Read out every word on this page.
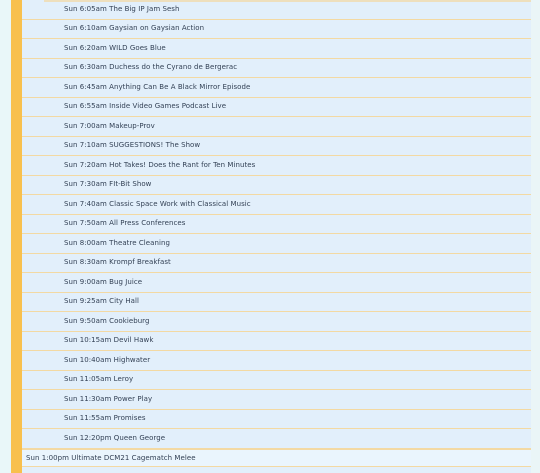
Sun 6:05am The Big IP Jam Sesh
Sun 6:10am Gaysian on Gaysian Action
Sun 6:20am WILD Goes Blue
Sun 6:30am Duchess do the Cyrano de Bergerac
Sun 6:45am Anything Can Be A Black Mirror Episode
Sun 6:55am Inside Video Games Podcast Live
Sun 7:00am Makeup-Prov
Sun 7:10am SUGGESTIONS! The Show
Sun 7:20am Hot Takes! Does the Rant for Ten Minutes
Sun 7:30am FIt-Bit Show
Sun 7:40am Classic Space Work with Classical Music
Sun 7:50am All Press Conferences
Sun 8:00am Theatre Cleaning
Sun 8:30am Krompf Breakfast
Sun 9:00am Bug Juice
Sun 9:25am City Hall
Sun 9:50am Cookieburg
Sun 10:15am Devil Hawk
Sun 10:40am Highwater
Sun 11:05am Leroy
Sun 11:30am Power Play
Sun 11:55am Promises
Sun 12:20pm Queen George
Sun 1:00pm Ultimate DCM21 Cagematch Melee
